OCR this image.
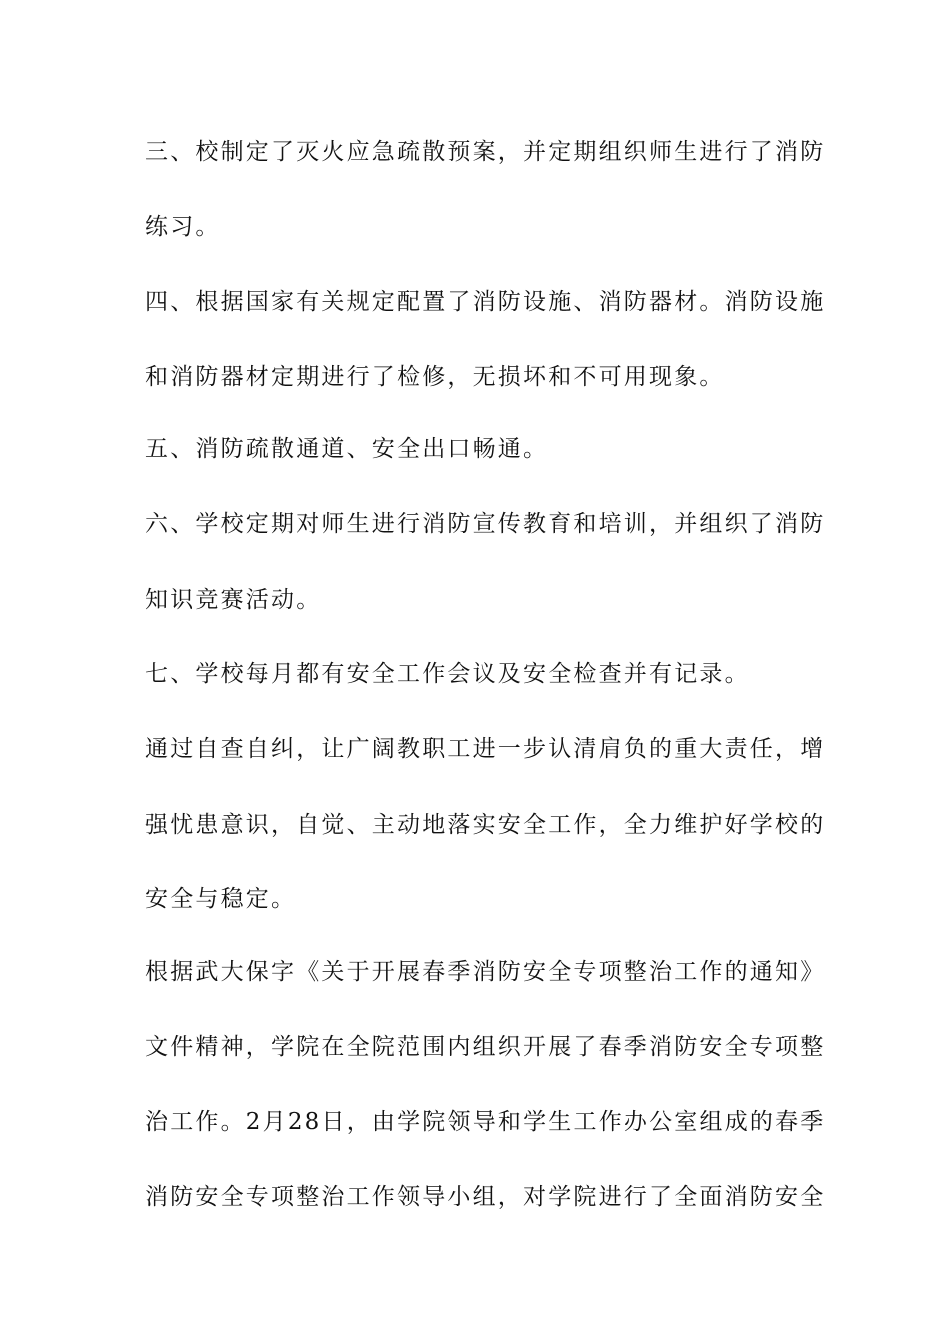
三、校制定了灭火应急疏散预案，并定期组织师生进行了消防
练习。
四、根据国家有关规定配置了消防设施、消防器材。消防设施
和消防器材定期进行了检修，无损坏和不可用现象。
五、消防疏散通道、安全出口畅通。
六、学校定期对师生进行消防宣传教育和培训，并组织了消防
知识竞赛活动。
七、学校每月都有安全工作会议及安全检查并有记录。
通过自查自纠，让广阔教职工进一步认清肩负的重大责任，增
强忧患意识，自觉、主动地落实安全工作，全力维护好学校的
安全与稳定。
根据武大保字《关于开展春季消防安全专项整治工作的通知》
文件精神，学院在全院范围内组织开展了春季消防安全专项整
治工作。2月28日，由学院领导和学生工作办公室组成的春季
消防安全专项整治工作领导小组，对学院进行了全面消防安全
